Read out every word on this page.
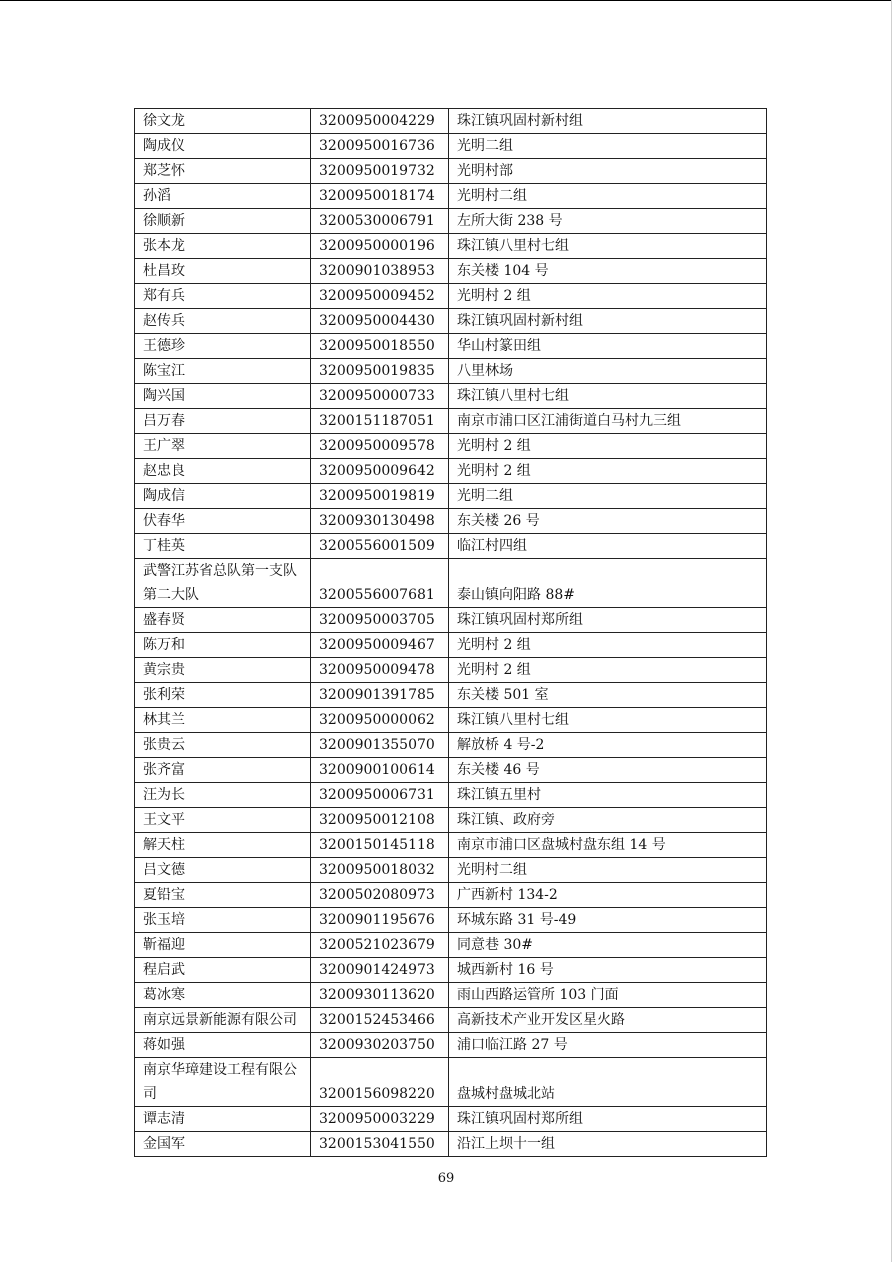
徐文龙	3200950004229	珠江镇巩固村新村组
陶成仪	3200950016736	光明二组
郑芝怀	3200950019732	光明村部
孙滔	3200950018174	光明村二组
徐顺新	3200530006791	左所大街 238 号
张本龙	3200950000196	珠江镇八里村七组
杜昌玫	3200901038953	东关楼 104 号
郑有兵	3200950009452	光明村 2 组
赵传兵	3200950004430	珠江镇巩固村新村组
王德珍	3200950018550	华山村篆田组
陈宝江	3200950019835	八里林场
陶兴国	3200950000733	珠江镇八里村七组
吕万春	3200151187051	南京市浦口区江浦街道白马村九三组
王广翠	3200950009578	光明村 2 组
赵忠良	3200950009642	光明村 2 组
陶成信	3200950019819	光明二组
伏春华	3200930130498	东关楼 26 号
丁桂英	3200556001509	临江村四组
武警江苏省总队第一支队第二大队	3200556007681	泰山镇向阳路 88#
盛春贤	3200950003705	珠江镇巩固村郑所组
陈万和	3200950009467	光明村 2 组
黄宗贵	3200950009478	光明村 2 组
张利荣	3200901391785	东关楼 501 室
林其兰	3200950000062	珠江镇八里村七组
张贵云	3200901355070	解放桥 4 号-2
张齐富	3200900100614	东关楼 46 号
汪为长	3200950006731	珠江镇五里村
王文平	3200950012108	珠江镇、政府旁
解天柱	3200150145118	南京市浦口区盘城村盘东组 14 号
吕文德	3200950018032	光明村二组
夏铅宝	3200502080973	广西新村 134-2
张玉培	3200901195676	环城东路 31 号-49
靳福迎	3200521023679	同意巷 30#
程启武	3200901424973	城西新村 16 号
葛冰寒	3200930113620	雨山西路运管所 103 门面
南京远景新能源有限公司	3200152453466	高新技术产业开发区星火路
蒋如强	3200930203750	浦口临江路 27 号
南京华璋建设工程有限公司	3200156098220	盘城村盘城北站
谭志清	3200950003229	珠江镇巩固村郑所组
金国军	3200153041550	沿江上坝十一组
69
